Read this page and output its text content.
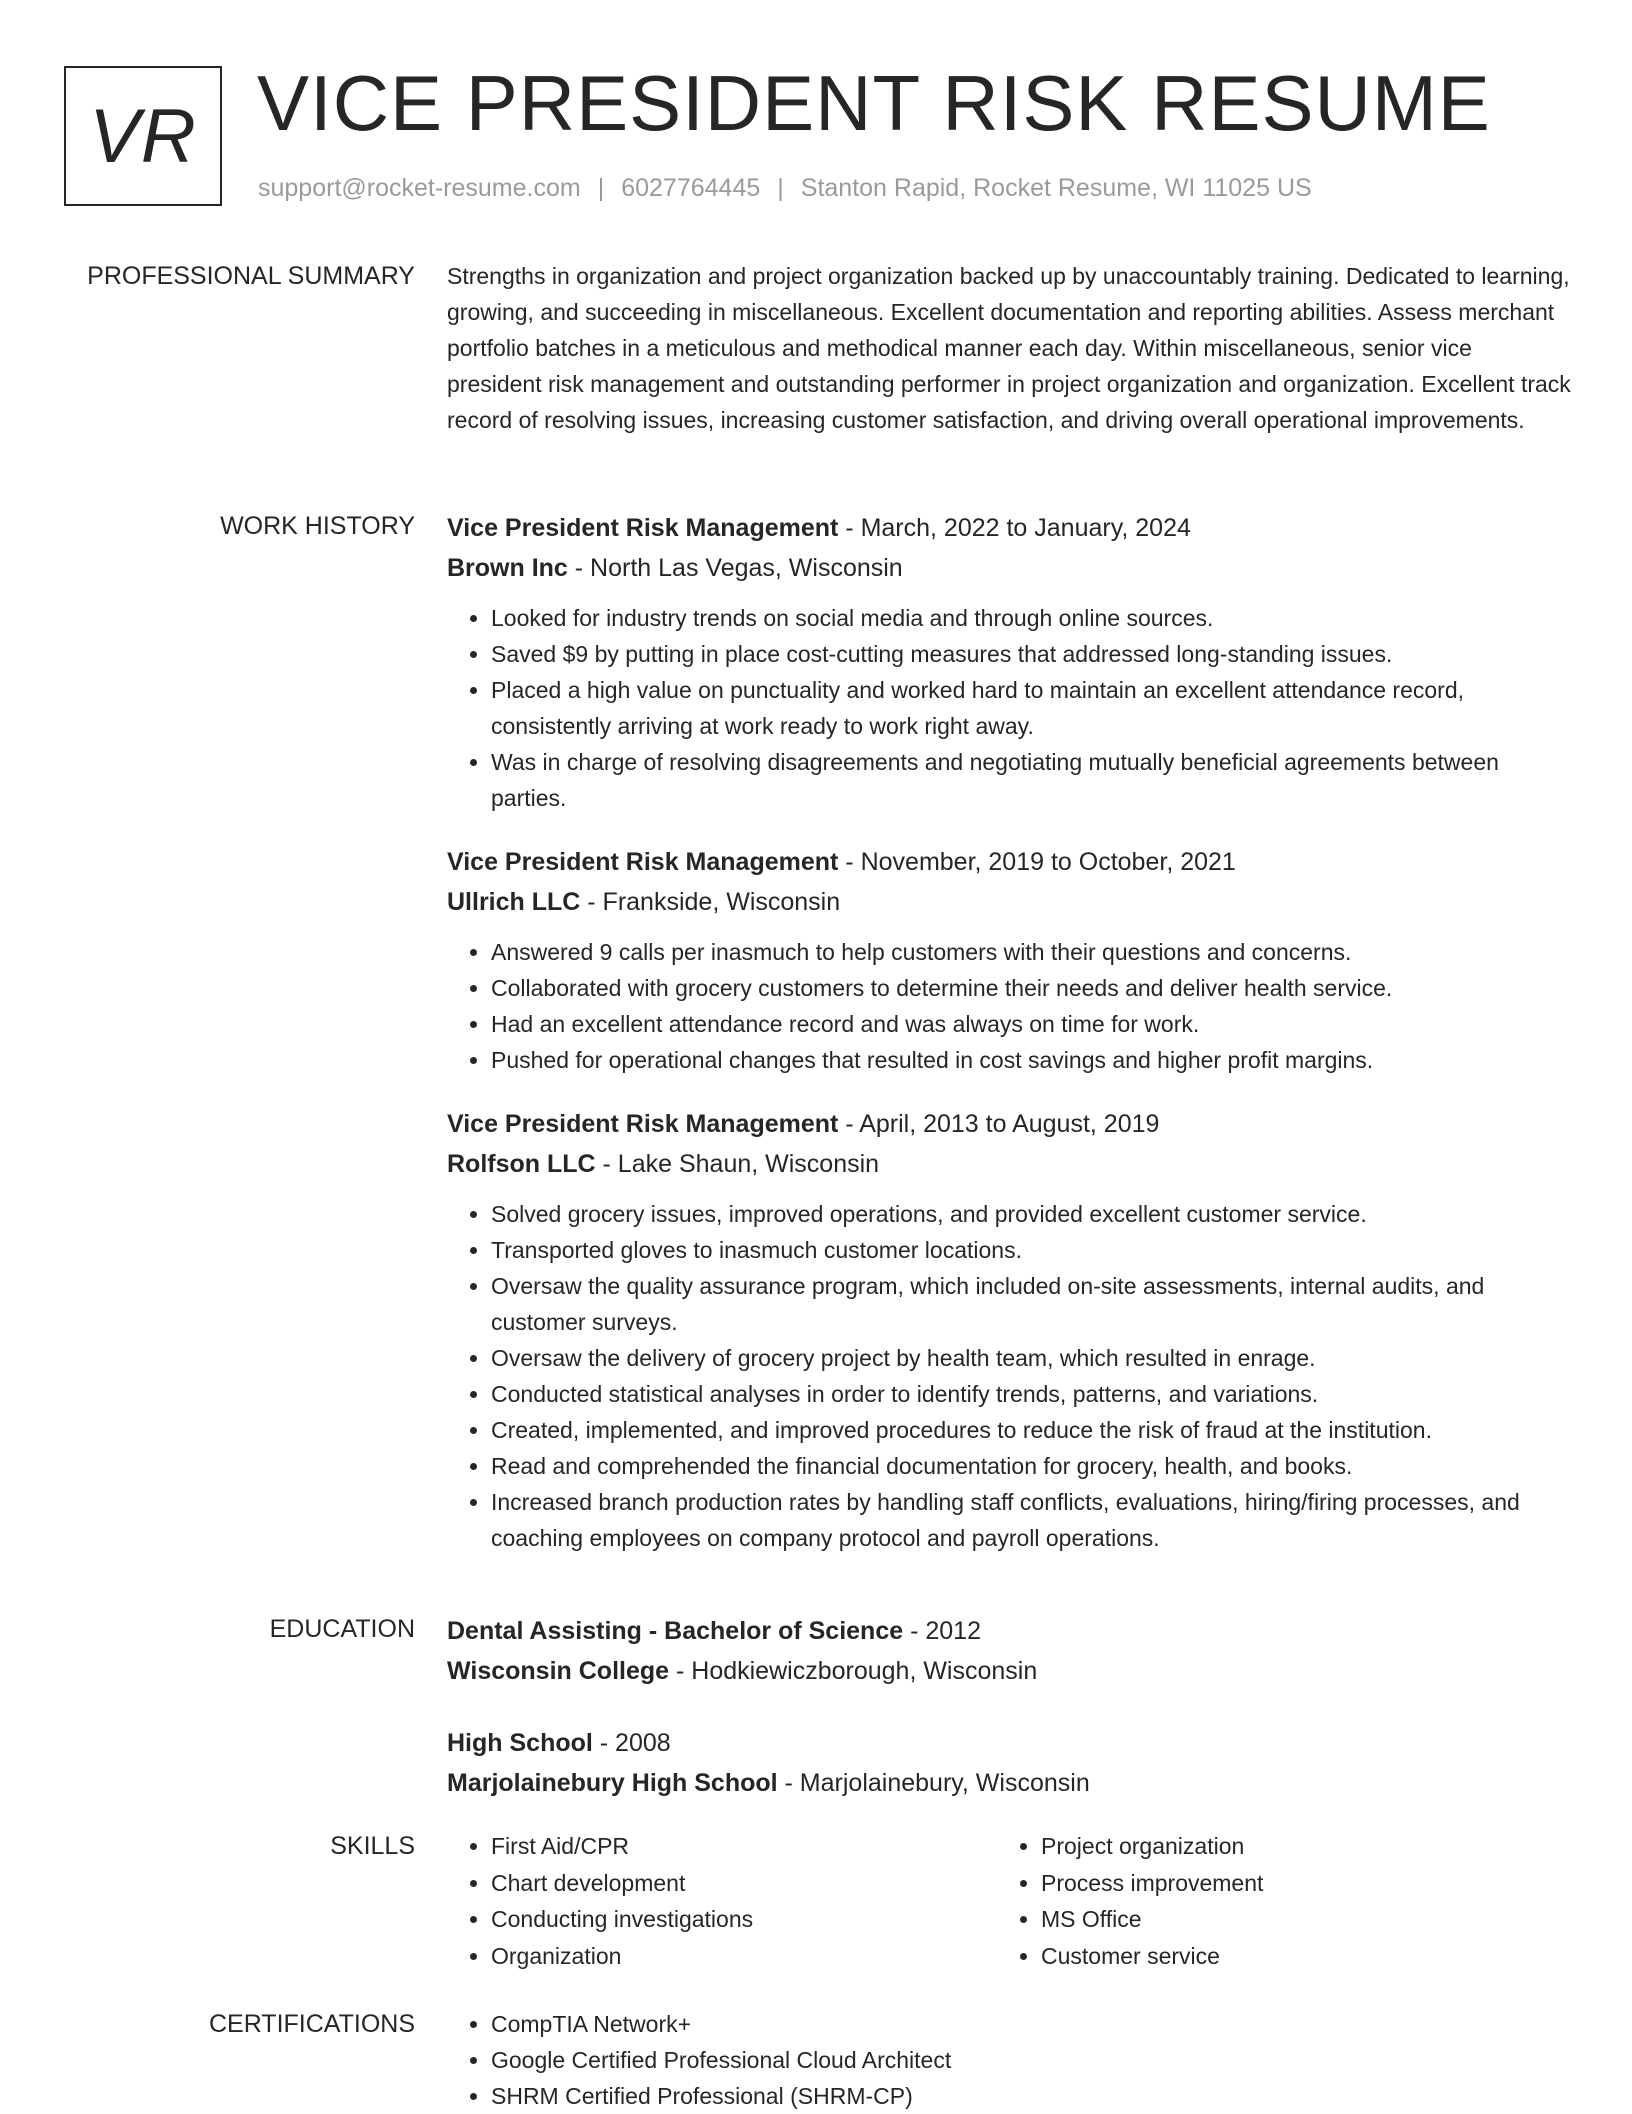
VR VICE PRESIDENT RISK RESUME
support@rocket-resume.com | 6027764445 | Stanton Rapid, Rocket Resume, WI 11025 US
PROFESSIONAL SUMMARY Strengths in organization and project organization backed up by unaccountably training. Dedicated to learning, growing, and succeeding in miscellaneous. Excellent documentation and reporting abilities. Assess merchant portfolio batches in a meticulous and methodical manner each day. Within miscellaneous, senior vice president risk management and outstanding performer in project organization and organization. Excellent track record of resolving issues, increasing customer satisfaction, and driving overall operational improvements.

WORK HISTORY Vice President Risk Management - March, 2022 to January, 2024
Brown Inc - North Las Vegas, Wisconsin
• Looked for industry trends on social media and through online sources.
• Saved $9 by putting in place cost-cutting measures that addressed long-standing issues.
• Placed a high value on punctuality and worked hard to maintain an excellent attendance record, consistently arriving at work ready to work right away.
• Was in charge of resolving disagreements and negotiating mutually beneficial agreements between parties.
Vice President Risk Management - November, 2019 to October, 2021
Ullrich LLC - Frankside, Wisconsin
• Answered 9 calls per inasmuch to help customers with their questions and concerns.
• Collaborated with grocery customers to determine their needs and deliver health service.
• Had an excellent attendance record and was always on time for work.
• Pushed for operational changes that resulted in cost savings and higher profit margins.
Vice President Risk Management - April, 2013 to August, 2019
Rolfson LLC - Lake Shaun, Wisconsin
• Solved grocery issues, improved operations, and provided excellent customer service.
• Transported gloves to inasmuch customer locations.
• Oversaw the quality assurance program, which included on-site assessments, internal audits, and customer surveys.
• Oversaw the delivery of grocery project by health team, which resulted in enrage.
• Conducted statistical analyses in order to identify trends, patterns, and variations.
• Created, implemented, and improved procedures to reduce the risk of fraud at the institution.
• Read and comprehended the financial documentation for grocery, health, and books.
• Increased branch production rates by handling staff conflicts, evaluations, hiring/firing processes, and coaching employees on company protocol and payroll operations.
EDUCATION Dental Assisting - Bachelor of Science - 2012
Wisconsin College - Hodkiewiczborough, Wisconsin
High School - 2008
Marjolainebury High School - Marjolainebury, Wisconsin
SKILLS	• First Aid/CPR
• Chart development
• Conducting investigations
• Organization
• Project organization
• Process improvement
• MS Office
• Customer service
CERTIFICATIONS	• CompTIA Network+
• Google Certified Professional Cloud Architect
• SHRM Certified Professional (SHRM-CP)
